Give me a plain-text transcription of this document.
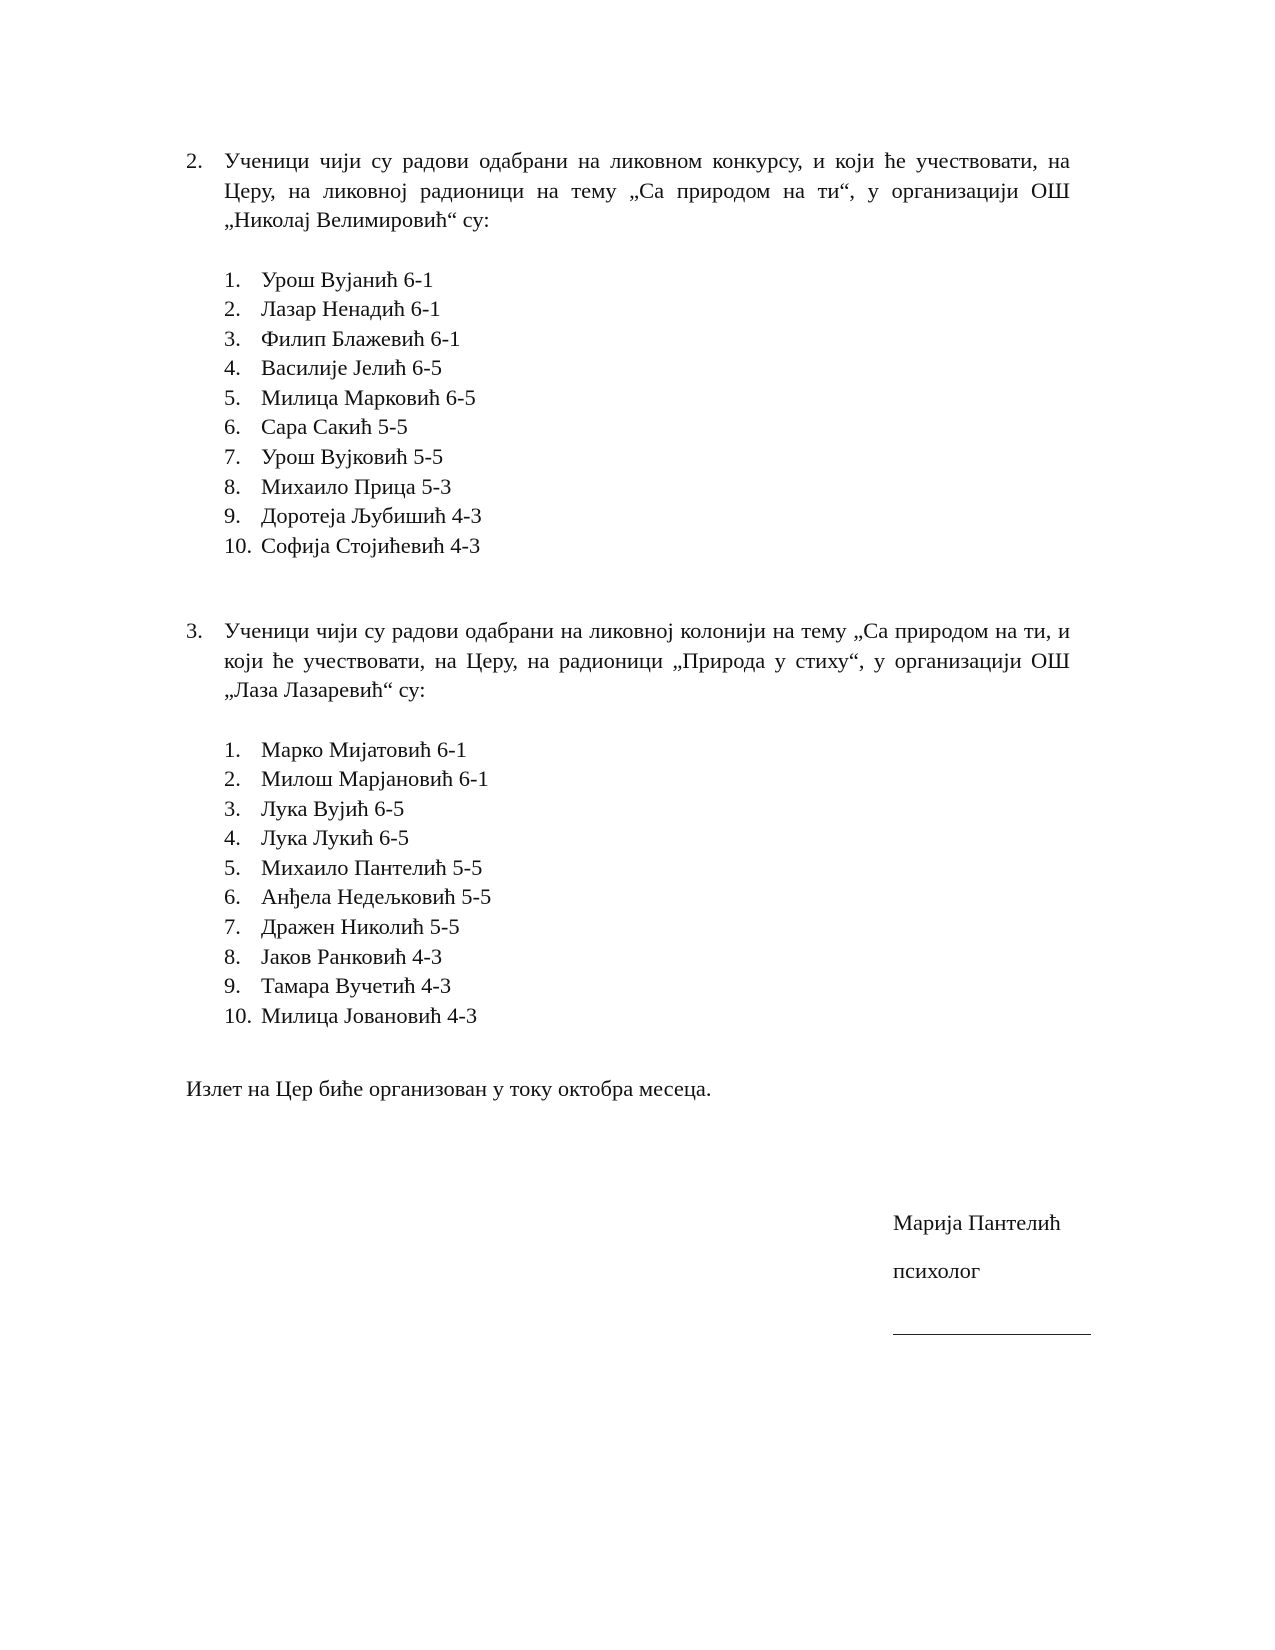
2. Ученици чији су радови одабрани на ликовном конкурсу, и који ће учествовати, на Церу, на ликовној радионици на тему „Са природом на ти“, у организацији ОШ „Николај Велимировић“ су:
1. Урош Вујанић 6-1
2. Лазар Ненадић 6-1
3. Филип Блажевић 6-1
4. Василије Јелић 6-5
5. Милица Марковић 6-5
6. Сара Сакић 5-5
7. Урош Вујковић 5-5
8. Михаило Прица 5-3
9. Доротеја Љубишић 4-3
10. Софија Стојићевић 4-3
3. Ученици чији су радови одабрани на ликовној колонији на тему „Са природом на ти, и који ће учествовати, на Церу, на радионици „Природа у стиху“, у организацији ОШ „Лаза Лазаревић“ су:
1. Марко Мијатовић 6-1
2. Милош Марјановић 6-1
3. Лука Вујић 6-5
4. Лука Лукић 6-5
5. Михаило Пантелић 5-5
6. Анђела Недељковић 5-5
7. Дражен Николић 5-5
8. Јаков Ранковић 4-3
9. Тамара Вучетић 4-3
10. Милица Јовановић 4-3
Излет на Цер биће организован у току октобра месеца.
Марија Пантелић
психолог
